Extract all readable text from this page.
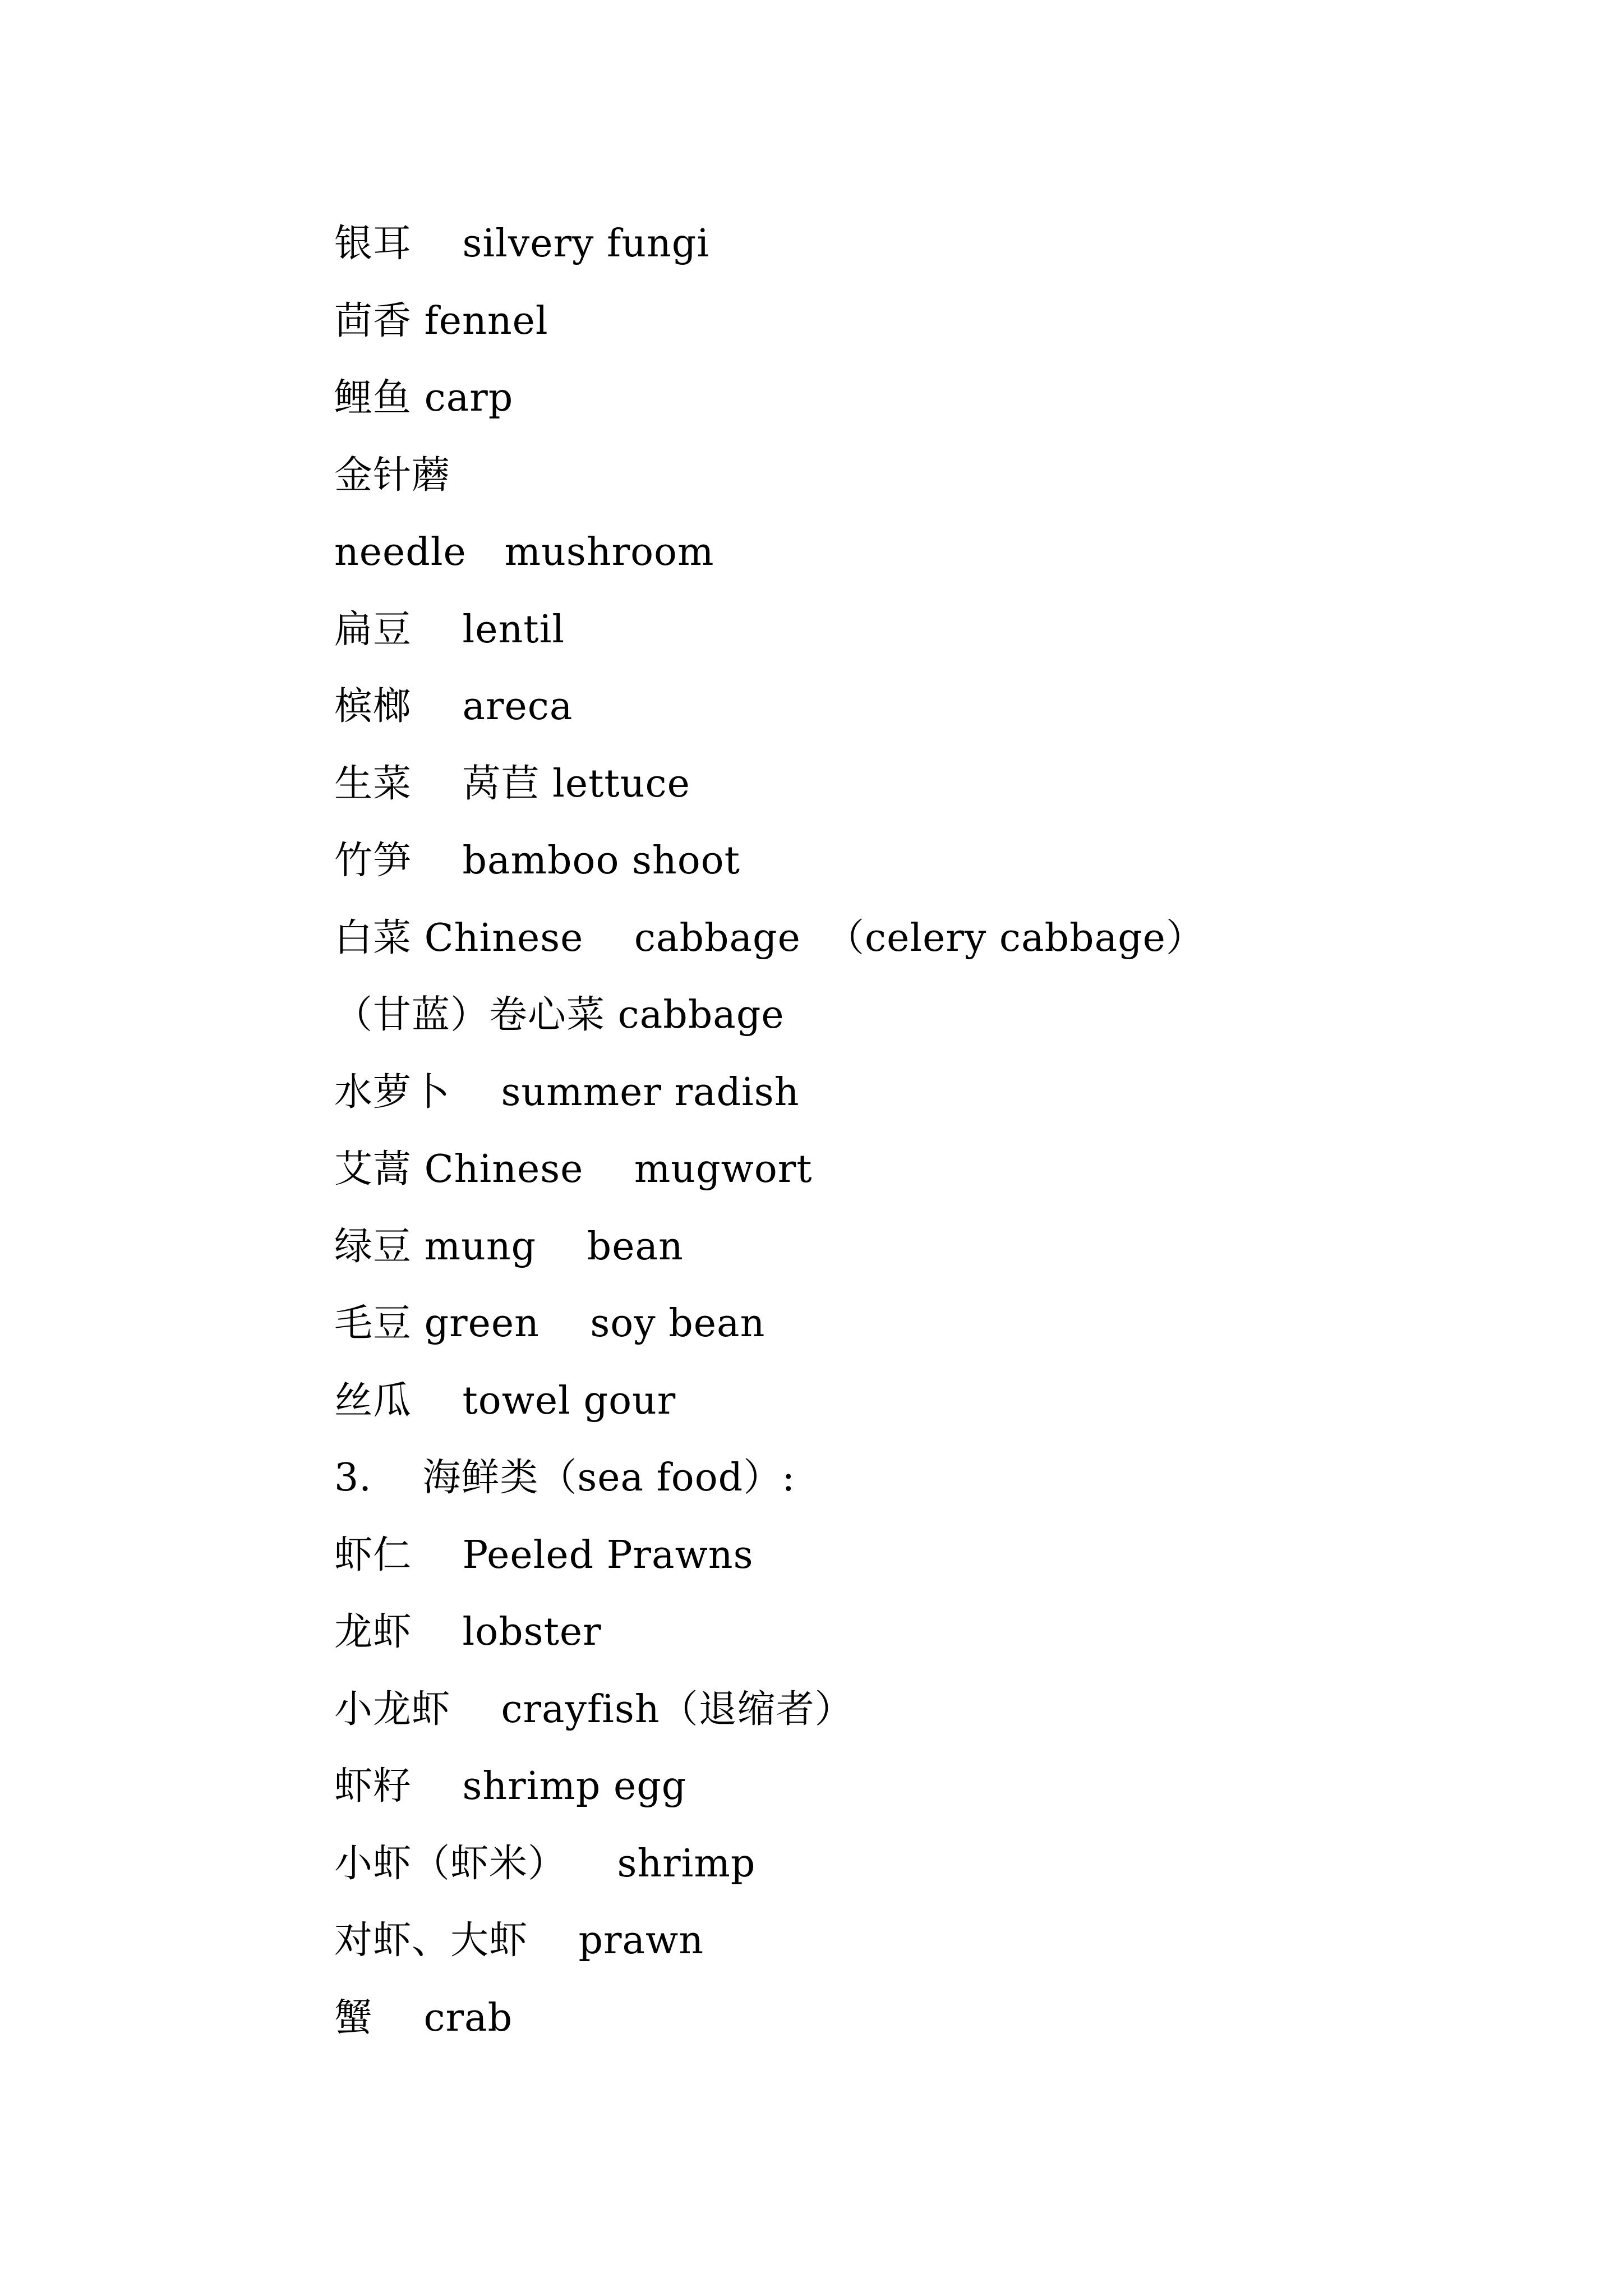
银耳    silvery fungi
茴香 fennel
鲤鱼 carp
金针蘑
needle   mushroom
扁豆    lentil
槟榔    areca
生菜    莴苣 lettuce
竹笋    bamboo shoot
白菜 Chinese    cabbage  （celery cabbage）
（甘蓝）卷心菜 cabbage
水萝卜    summer radish
艾蒿 Chinese    mugwort
绿豆 mung    bean
毛豆 green    soy bean
丝瓜    towel gour
3.    海鲜类（sea food）:
虾仁    Peeled Prawns
龙虾    lobster
小龙虾    crayfish（退缩者）
虾籽    shrimp egg
小虾（虾米）    shrimp
对虾、大虾    prawn
蟹    crab
